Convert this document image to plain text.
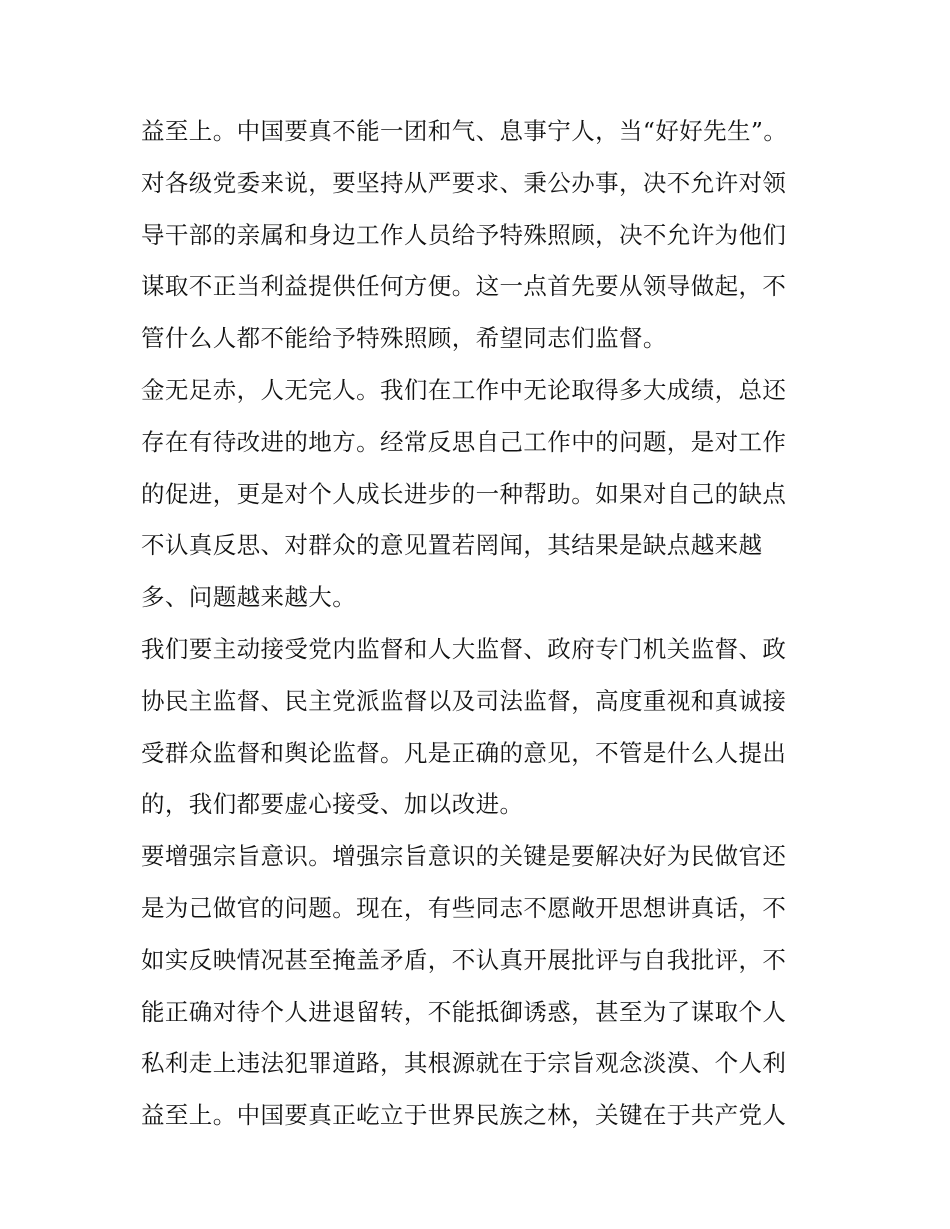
益至上。中国要真不能一团和气、息事宁人，当“好好先生”。
对各级党委来说，要坚持从严要求、秉公办事，决不允许对领
导干部的亲属和身边工作人员给予特殊照顾，决不允许为他们
谋取不正当利益提供任何方便。这一点首先要从领导做起，不
管什么人都不能给予特殊照顾，希望同志们监督。
金无足赤，人无完人。我们在工作中无论取得多大成绩，总还
存在有待改进的地方。经常反思自己工作中的问题，是对工作
的促进，更是对个人成长进步的一种帮助。如果对自己的缺点
不认真反思、对群众的意见置若罔闻，其结果是缺点越来越
多、问题越来越大。
我们要主动接受党内监督和人大监督、政府专门机关监督、政
协民主监督、民主党派监督以及司法监督，高度重视和真诚接
受群众监督和舆论监督。凡是正确的意见，不管是什么人提出
的，我们都要虚心接受、加以改进。
要增强宗旨意识。增强宗旨意识的关键是要解决好为民做官还
是为己做官的问题。现在，有些同志不愿敞开思想讲真话，不
如实反映情况甚至掩盖矛盾，不认真开展批评与自我批评，不
能正确对待个人进退留转，不能抵御诱惑，甚至为了谋取个人
私利走上违法犯罪道路，其根源就在于宗旨观念淡漠、个人利
益至上。中国要真正屹立于世界民族之林，关键在于共产党人
